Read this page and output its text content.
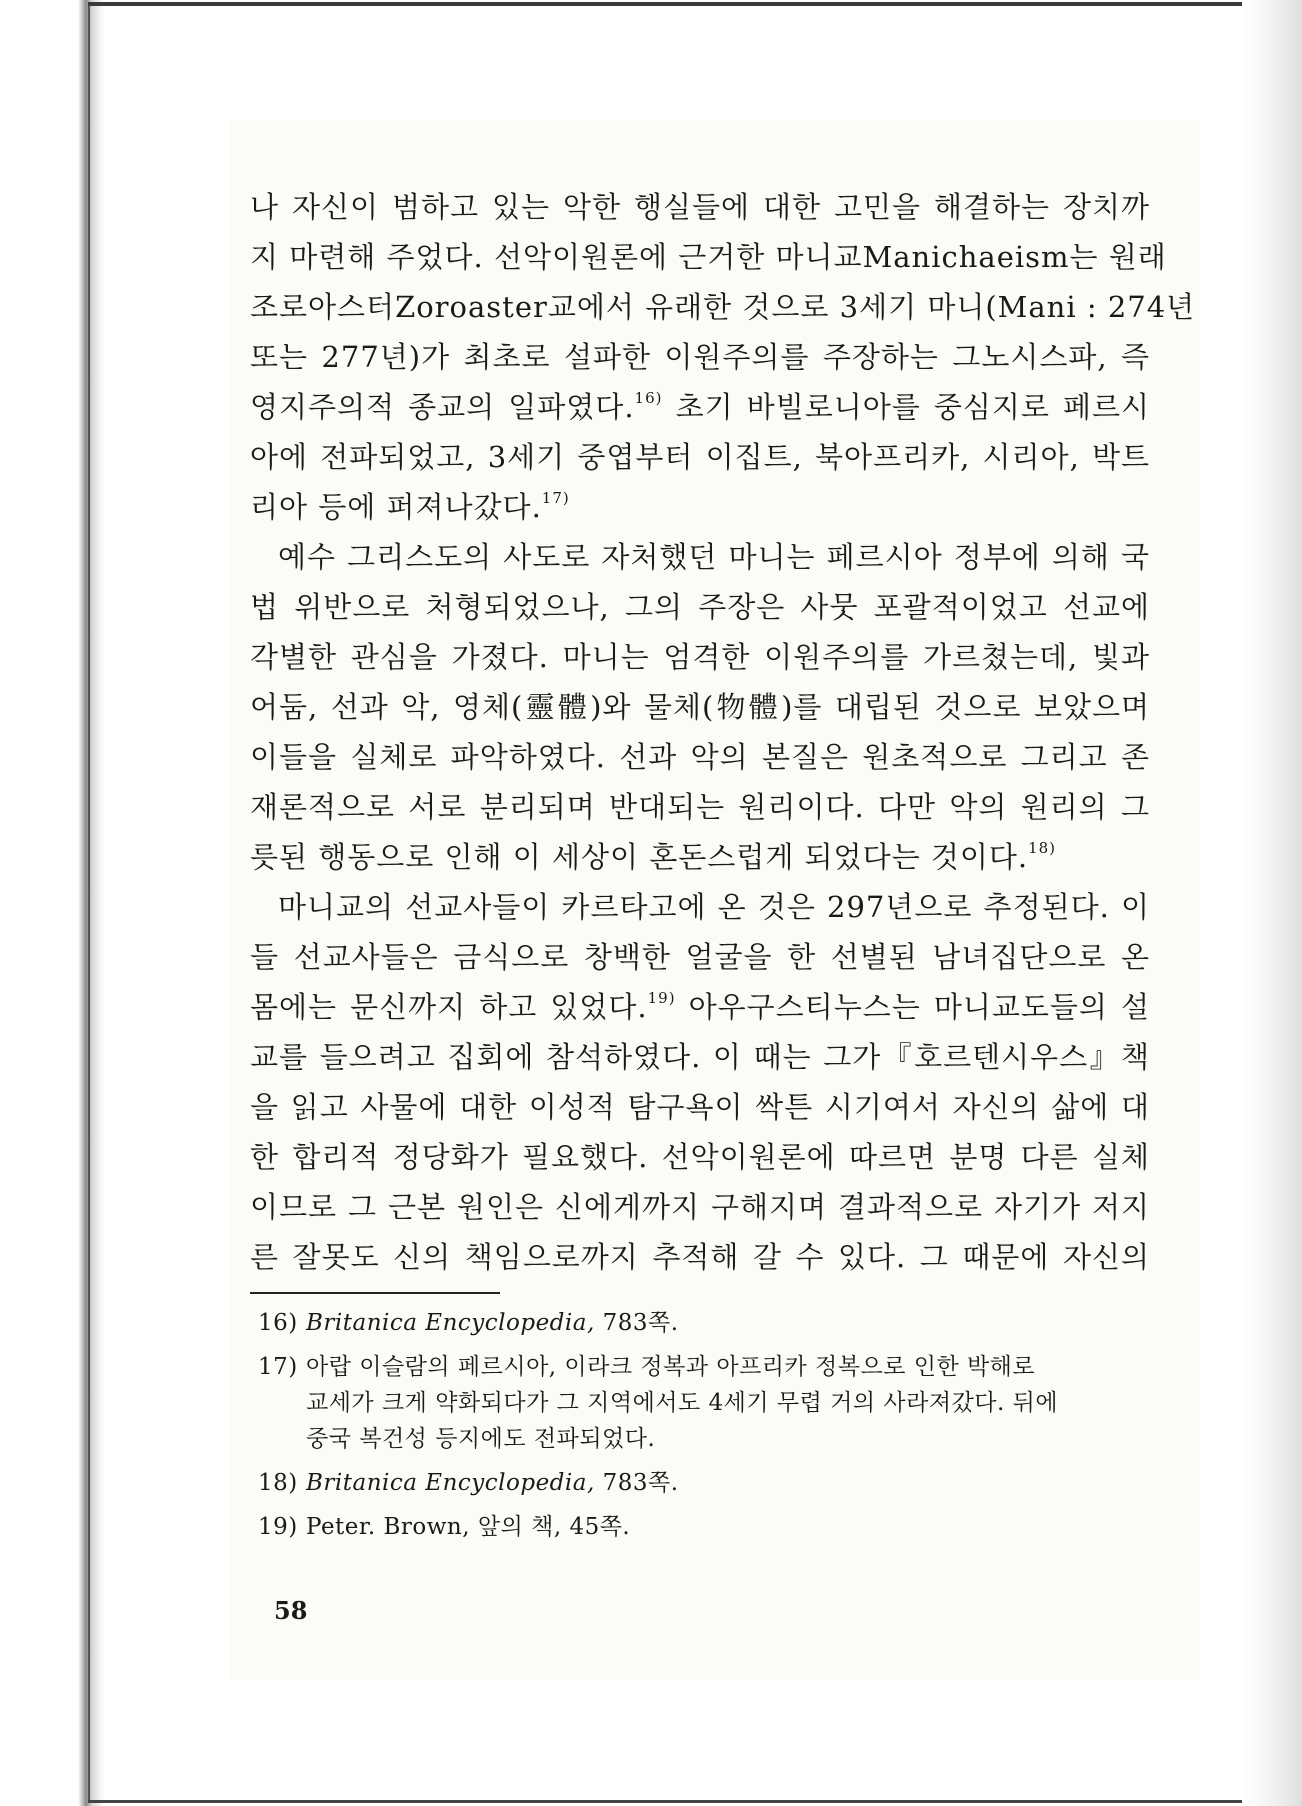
나 자신이 범하고 있는 악한 행실들에 대한 고민을 해결하는 장치까
지 마련해 주었다. 선악이원론에 근거한 마니교Manichaeism는 원래
조로아스터Zoroaster교에서 유래한 것으로 3세기 마니(Mani : 274년
또는 277년)가 최초로 설파한 이원주의를 주장하는 그노시스파, 즉
영지주의적 종교의 일파였다.$^{16)}$ 초기 바빌로니아를 중심지로 페르시
아에 전파되었고, 3세기 중엽부터 이집트, 북아프리카, 시리아, 박트
리아 등에 퍼져나갔다.$^{17)}$
예수 그리스도의 사도로 자처했던 마니는 페르시아 정부에 의해 국
법 위반으로 처형되었으나, 그의 주장은 사뭇 포괄적이었고 선교에
각별한 관심을 가졌다. 마니는 엄격한 이원주의를 가르쳤는데, 빛과
어둠, 선과 악, 영체(靈體)와 물체(物體)를 대립된 것으로 보았으며
이들을 실체로 파악하였다. 선과 악의 본질은 원초적으로 그리고 존
재론적으로 서로 분리되며 반대되는 원리이다. 다만 악의 원리의 그
릇된 행동으로 인해 이 세상이 혼돈스럽게 되었다는 것이다.$^{18)}$
마니교의 선교사들이 카르타고에 온 것은 297년으로 추정된다. 이
들 선교사들은 금식으로 창백한 얼굴을 한 선별된 남녀집단으로 온
몸에는 문신까지 하고 있었다.$^{19)}$ 아우구스티누스는 마니교도들의 설
교를 들으려고 집회에 참석하였다. 이 때는 그가『호르텐시우스』책
을 읽고 사물에 대한 이성적 탐구욕이 싹튼 시기여서 자신의 삶에 대
한 합리적 정당화가 필요했다. 선악이원론에 따르면 분명 다른 실체
이므로 그 근본 원인은 신에게까지 구해지며 결과적으로 자기가 저지
른 잘못도 신의 책임으로까지 추적해 갈 수 있다. 그 때문에 자신의
16) Britanica Encyclopedia, 783쪽.
17) 아랍 이슬람의 페르시아, 이라크 정복과 아프리카 정복으로 인한 박해로
교세가 크게 약화되다가 그 지역에서도 4세기 무렵 거의 사라져갔다. 뒤에
중국 복건성 등지에도 전파되었다.
18) Britanica Encyclopedia, 783쪽.
19) Peter. Brown, 앞의 책, 45쪽.
58
